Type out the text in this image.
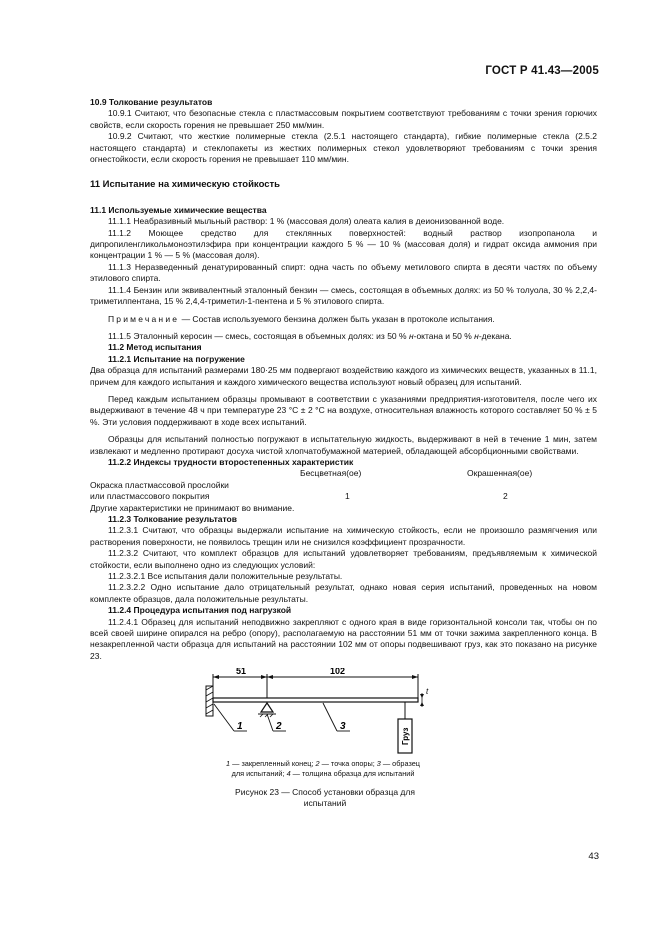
ГОСТ Р 41.43—2005

10.9 Толкование результатов

10.9.1 Считают, что безопасные стекла с пластмассовым покрытием соответствуют требованиям с точки зрения горючих свойств, если скорость горения не превышает 250 мм/мин.

10.9.2 Считают, что жесткие полимерные стекла (2.5.1 настоящего стандарта), гибкие полимерные стекла (2.5.2 настоящего стандарта) и стеклопакеты из жестких полимерных стекол удовлетворяют требованиям с точки зрения огнестойкости, если скорость горения не превышает 110 мм/мин.

11 Испытание на химическую стойкость

11.1 Используемые химические вещества

11.1.1 Неабразивный мыльный раствор: 1 % (массовая доля) олеата калия в деионизованной воде.

11.1.2 Моющее средство для стеклянных поверхностей: водный раствор изопропанола и дипропиленгликольмоноэтилэфира при концентрации каждого 5 % — 10 % (массовая доля) и гидрат оксида аммония при концентрации 1 % — 5 % (массовая доля).

11.1.3 Неразведенный денатурированный спирт: одна часть по объему метилового спирта в десяти частях по объему этилового спирта.

11.1.4 Бензин или эквивалентный эталонный бензин — смесь, состоящая в объемных долях: из 50 % толуола, 30 % 2,2,4-триметилпентана, 15 % 2,4,4-триметил-1-пентена и 5 % этилового спирта.

Примечание — Состав используемого бензина должен быть указан в протоколе испытания.

11.1.5 Эталонный керосин — смесь, состоящая в объемных долях: из 50 % н-октана и 50 % н-декана.

11.2 Метод испытания

11.2.1 Испытание на погружение

Два образца для испытаний размерами 180·25 мм подвергают воздействию каждого из химических веществ, указанных в 11.1, причем для каждого испытания и каждого химического вещества используют новый образец для испытаний.

Перед каждым испытанием образцы промывают в соответствии с указаниями предприятия-изготовителя, после чего их выдерживают в течение 48 ч при температуре 23 °С ± 2 °С на воздухе, относительная влажность которого составляет 50 % ± 5 %. Эти условия поддерживают в ходе всех испытаний.

Образцы для испытаний полностью погружают в испытательную жидкость, выдерживают в ней в течение 1 мин, затем извлекают и медленно протирают досуха чистой хлопчатобумажной материей, обладающей абсорбционными свойствами.

11.2.2 Индексы трудности второстепенных характеристик

Бесцветная(ое)	Окрашенная(ое)
Окраска пластмассовой прослойки
или пластмассового покрытия	1	2

Другие характеристики не принимают во внимание.

11.2.3 Толкование результатов

11.2.3.1 Считают, что образцы выдержали испытание на химическую стойкость, если не произошло размягчения или растворения поверхности, не появилось трещин или не снизился коэффициент прозрачности.

11.2.3.2 Считают, что комплект образцов для испытаний удовлетворяет требованиям, предъявляемым к химической стойкости, если выполнено одно из следующих условий:

11.2.3.2.1 Все испытания дали положительные результаты.

11.2.3.2.2 Одно испытание дало отрицательный результат, однако новая серия испытаний, проведенных на новом комплекте образцов, дала положительные результаты.

11.2.4 Процедура испытания под нагрузкой

11.2.4.1 Образец для испытаний неподвижно закрепляют с одного края в виде горизонтальной консоли так, чтобы он по всей своей ширине опирался на ребро (опору), располагаемую на расстоянии 51 мм от точки зажима закрепленного конца. В незакрепленной части образца для испытаний на расстоянии 102 мм от опоры подвешивают груз, как это показано на рисунке 23.

51	102
t
Груз
1	2	3
1 — закрепленный конец; 2 — точка опоры; 3 — образец
для испытаний; 4 — толщина образца для испытаний
Рисунок 23 — Способ установки образца для
испытаний
43
